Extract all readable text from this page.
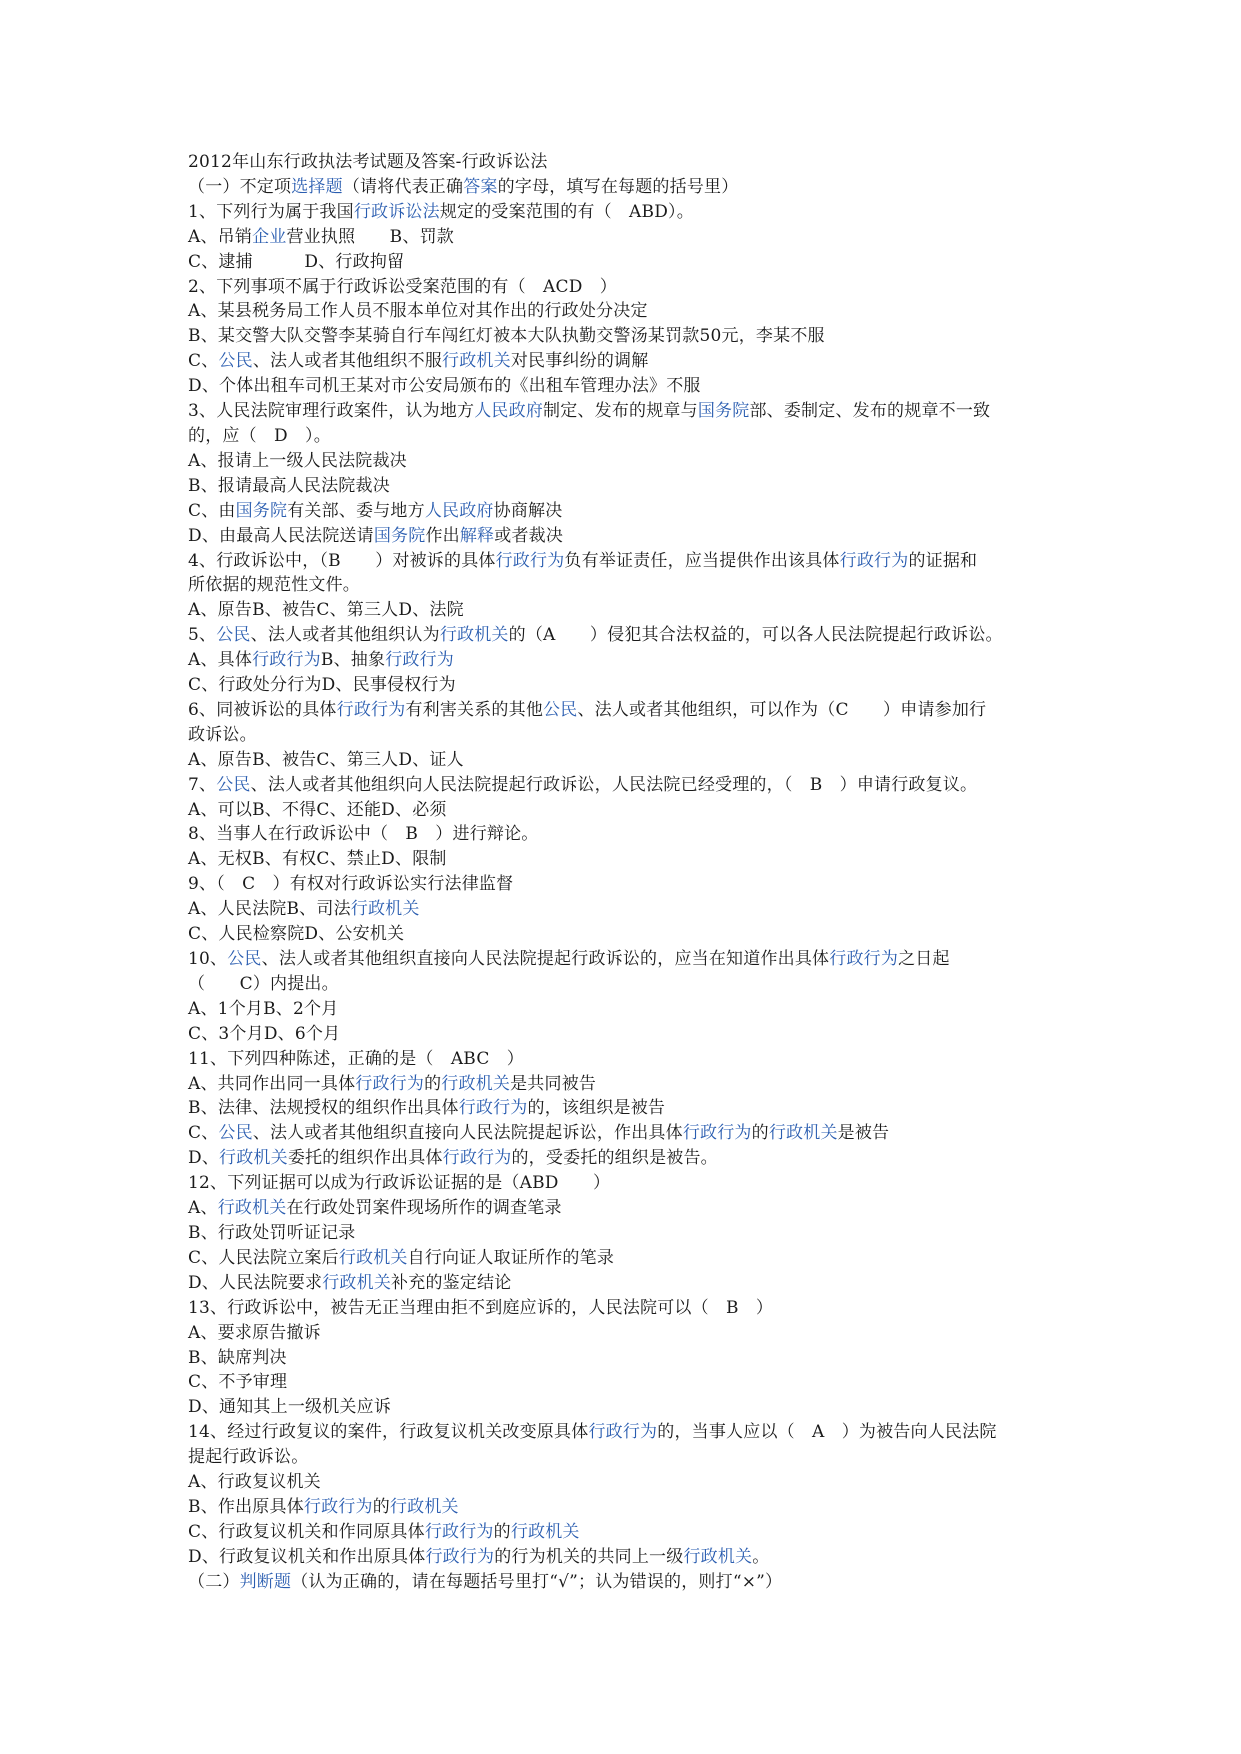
2012年山东行政执法考试题及答案-行政诉讼法
（一）不定项选择题（请将代表正确答案的字母，填写在每题的括号里）
1、下列行为属于我国行政诉讼法规定的受案范围的有（　ABD）。
A、吊销企业营业执照　　B、罚款
C、逮捕　　　D、行政拘留
2、下列事项不属于行政诉讼受案范围的有（　ACD　）
A、某县税务局工作人员不服本单位对其作出的行政处分决定
B、某交警大队交警李某骑自行车闯红灯被本大队执勤交警汤某罚款50元，李某不服
C、公民、法人或者其他组织不服行政机关对民事纠纷的调解
D、个体出租车司机王某对市公安局颁布的《出租车管理办法》不服
3、人民法院审理行政案件，认为地方人民政府制定、发布的规章与国务院部、委制定、发布的规章不一致
的，应（　D　）。
A、报请上一级人民法院裁决
B、报请最高人民法院裁决
C、由国务院有关部、委与地方人民政府协商解决
D、由最高人民法院送请国务院作出解释或者裁决
4、行政诉讼中，（B　　）对被诉的具体行政行为负有举证责任，应当提供作出该具体行政行为的证据和
所依据的规范性文件。
A、原告B、被告C、第三人D、法院
5、公民、法人或者其他组织认为行政机关的（A　　）侵犯其合法权益的，可以各人民法院提起行政诉讼。
A、具体行政行为B、抽象行政行为
C、行政处分行为D、民事侵权行为
6、同被诉讼的具体行政行为有利害关系的其他公民、法人或者其他组织，可以作为（C　　）申请参加行
政诉讼。
A、原告B、被告C、第三人D、证人
7、公民、法人或者其他组织向人民法院提起行政诉讼，人民法院已经受理的，（　B　）申请行政复议。
A、可以B、不得C、还能D、必须
8、当事人在行政诉讼中（　B　）进行辩论。
A、无权B、有权C、禁止D、限制
9、（　C　）有权对行政诉讼实行法律监督
A、人民法院B、司法行政机关
C、人民检察院D、公安机关
10、公民、法人或者其他组织直接向人民法院提起行政诉讼的，应当在知道作出具体行政行为之日起
（　　C）内提出。
A、1个月B、2个月
C、3个月D、6个月
11、下列四种陈述，正确的是（　ABC　）
A、共同作出同一具体行政行为的行政机关是共同被告
B、法律、法规授权的组织作出具体行政行为的，该组织是被告
C、公民、法人或者其他组织直接向人民法院提起诉讼，作出具体行政行为的行政机关是被告
D、行政机关委托的组织作出具体行政行为的，受委托的组织是被告。
12、下列证据可以成为行政诉讼证据的是（ABD　　）
A、行政机关在行政处罚案件现场所作的调查笔录
B、行政处罚听证记录
C、人民法院立案后行政机关自行向证人取证所作的笔录
D、人民法院要求行政机关补充的鉴定结论
13、行政诉讼中，被告无正当理由拒不到庭应诉的，人民法院可以（　B　）
A、要求原告撤诉
B、缺席判决
C、不予审理
D、通知其上一级机关应诉
14、经过行政复议的案件，行政复议机关改变原具体行政行为的，当事人应以（　A　）为被告向人民法院
提起行政诉讼。
A、行政复议机关
B、作出原具体行政行为的行政机关
C、行政复议机关和作同原具体行政行为的行政机关
D、行政复议机关和作出原具体行政行为的行为机关的共同上一级行政机关。
（二）判断题（认为正确的，请在每题括号里打“√”；认为错误的，则打“×”）
